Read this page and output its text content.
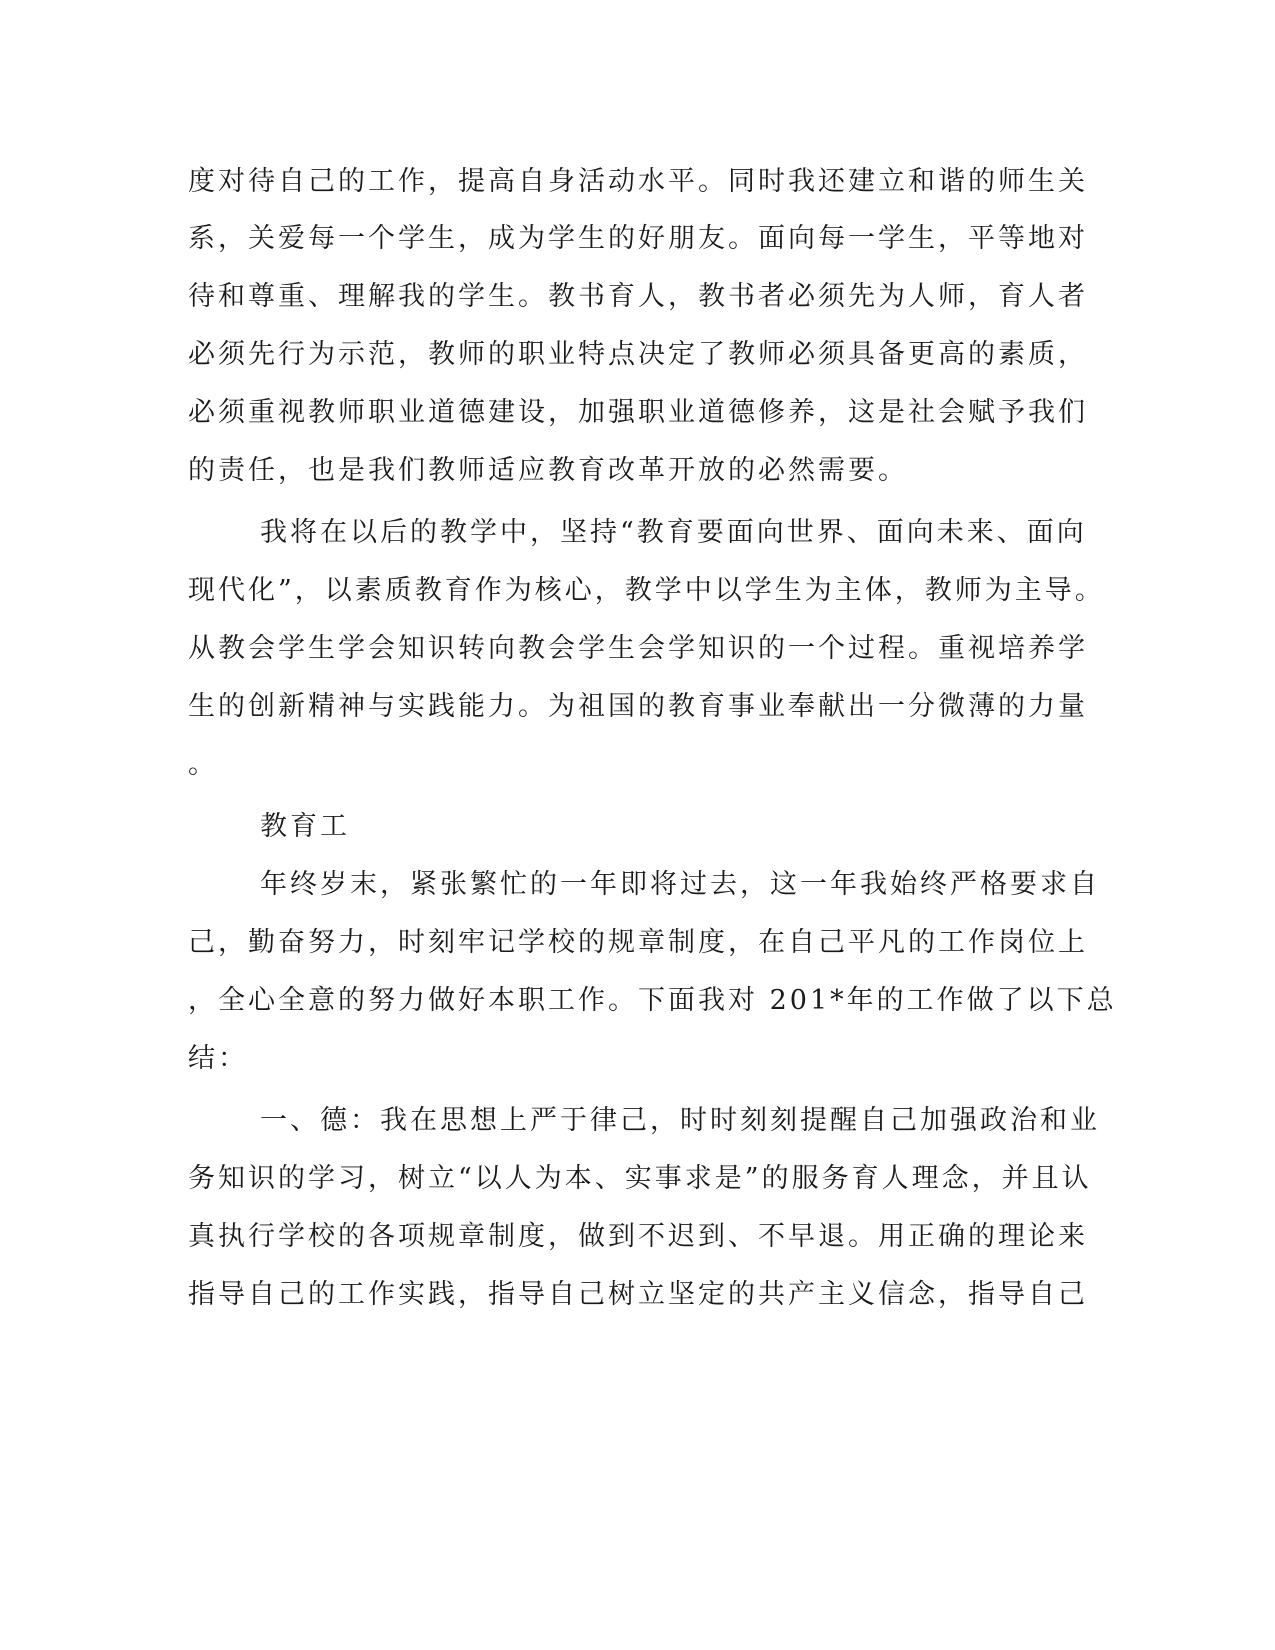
度对待自己的工作，提高自身活动水平。同时我还建立和谐的师生关
系，关爱每一个学生，成为学生的好朋友。面向每一学生，平等地对
待和尊重、理解我的学生。教书育人，教书者必须先为人师，育人者
必须先行为示范，教师的职业特点决定了教师必须具备更高的素质，
必须重视教师职业道德建设，加强职业道德修养，这是社会赋予我们
的责任，也是我们教师适应教育改革开放的必然需要。
我将在以后的教学中，坚持“教育要面向世界、面向未来、面向
现代化”，以素质教育作为核心，教学中以学生为主体，教师为主导。
从教会学生学会知识转向教会学生会学知识的一个过程。重视培养学
生的创新精神与实践能力。为祖国的教育事业奉献出一分微薄的力量
。
教育工
年终岁末，紧张繁忙的一年即将过去，这一年我始终严格要求自
己，勤奋努力，时刻牢记学校的规章制度，在自己平凡的工作岗位上
，全心全意的努力做好本职工作。下面我对 201*年的工作做了以下总
结：
一、德：我在思想上严于律己，时时刻刻提醒自己加强政治和业
务知识的学习，树立“以人为本、实事求是”的服务育人理念，并且认
真执行学校的各项规章制度，做到不迟到、不早退。用正确的理论来
指导自己的工作实践，指导自己树立坚定的共产主义信念，指导自己
